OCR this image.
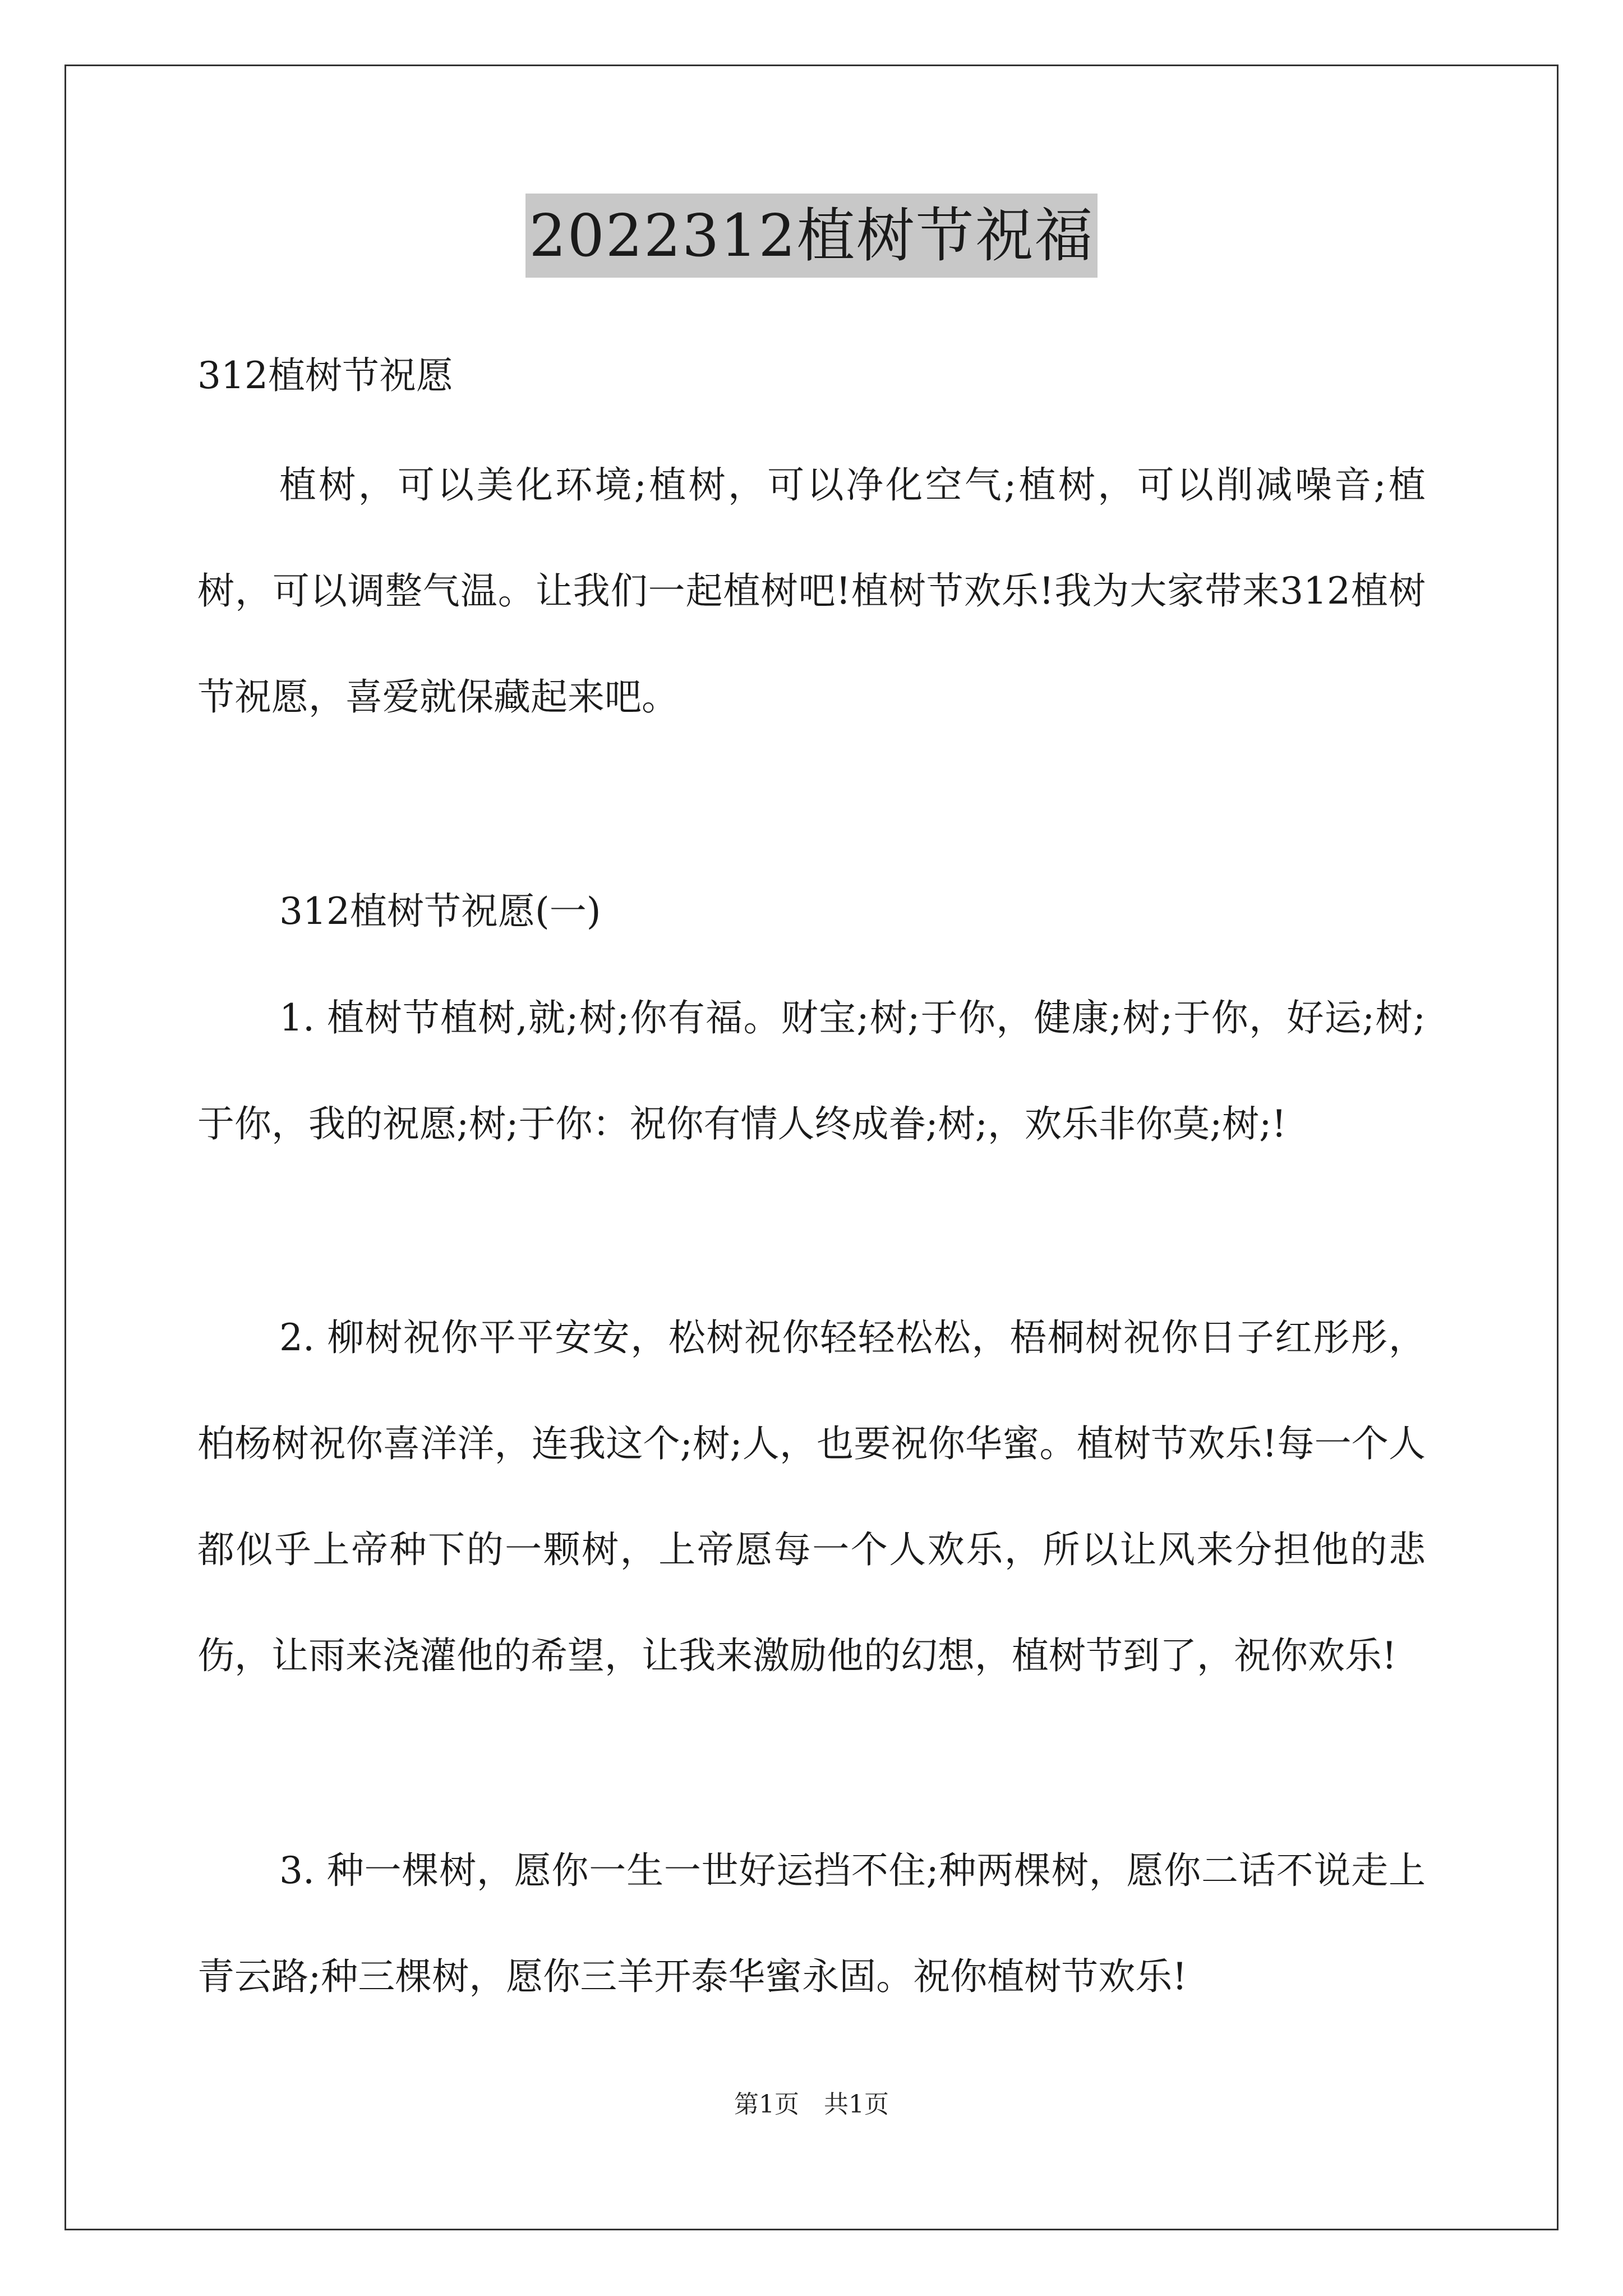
2022312植树节祝福

312植树节祝愿

植树，可以美化环境;植树，可以净化空气;植树，可以削减噪音;植树，可以调整气温。让我们一起植树吧!植树节欢乐!我为大家带来312植树节祝愿，喜爱就保藏起来吧。

312植树节祝愿(一)

1. 植树节植树,就;树;你有福。财宝;树;于你，健康;树;于你，好运;树;于你，我的祝愿;树;于你：祝你有情人终成眷;树;，欢乐非你莫;树;!

2. 柳树祝你平平安安，松树祝你轻轻松松，梧桐树祝你日子红彤彤，柏杨树祝你喜洋洋，连我这个;树;人，也要祝你华蜜。植树节欢乐!每一个人都似乎上帝种下的一颗树，上帝愿每一个人欢乐，所以让风来分担他的悲伤，让雨来浇灌他的希望，让我来激励他的幻想，植树节到了，祝你欢乐!

3. 种一棵树，愿你一生一世好运挡不住;种两棵树，愿你二话不说走上青云路;种三棵树，愿你三羊开泰华蜜永固。祝你植树节欢乐!

第1页　共1页
